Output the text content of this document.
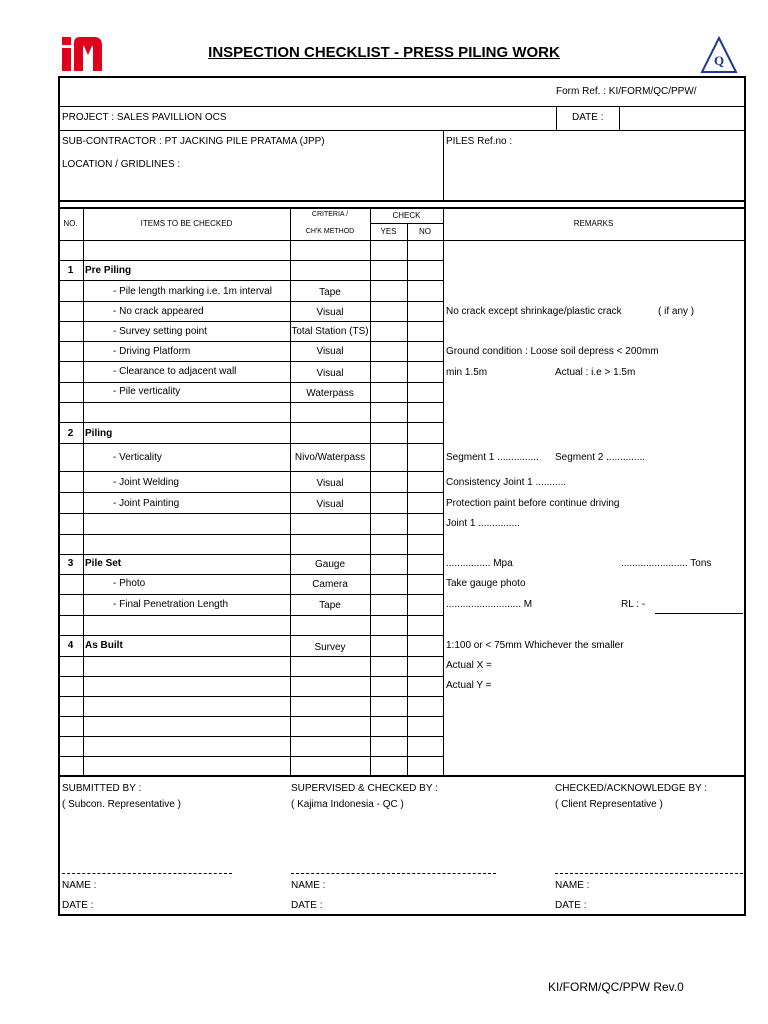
Q
INSPECTION CHECKLIST - PRESS PILING WORK
Form Ref. : KI/FORM/QC/PPW/
PROJECT : SALES PAVILLION OCS	DATE :
SUB-CONTRACTOR : PT JACKING PILE PRATAMA (JPP)	PILES Ref.no :
LOCATION / GRIDLINES :
NO.	ITEMS TO BE CHECKED
CRITERIA /
CH'K METHOD
CHECK
YES	NO
REMARKS
1	Pre Piling
- Pile length marking i.e. 1m interval	Tape
- No crack appeared	Visual	No crack except shrinkage/plastic crack	( if any )
- Survey setting point	Total Station (TS)
- Driving Platform	Visual	Ground condition : Loose soil depress < 200mm
- Clearance to adjacent wall	Visual	min 1.5m	Actual : i.e > 1.5m
- Pile verticality	Waterpass
2	Piling
- Verticality	Nivo/Waterpass	Segment 1 ............... Segment 2 ..............
- Joint Welding	Visual	Consistency Joint 1 ...........
- Joint Painting	Visual	Protection paint before continue driving
Joint 1 ...............
3	Pile Set	Gauge	................ Mpa	........................ Tons
- Photo	Camera	Take gauge photo
- Final Penetration Length	Tape	........................... M	RL : -
4	As Built	Survey	1:100 or < 75mm Whichever the smaller
Actual X =
Actual Y =
SUBMITTED BY :
( Subcon. Representative )
SUPERVISED & CHECKED BY :
( Kajima Indonesia - QC )
CHECKED/ACKNOWLEDGE BY :
( Client Representative )
NAME :	NAME :	NAME :
DATE :	DATE :	DATE :
KI/FORM/QC/PPW Rev.0
